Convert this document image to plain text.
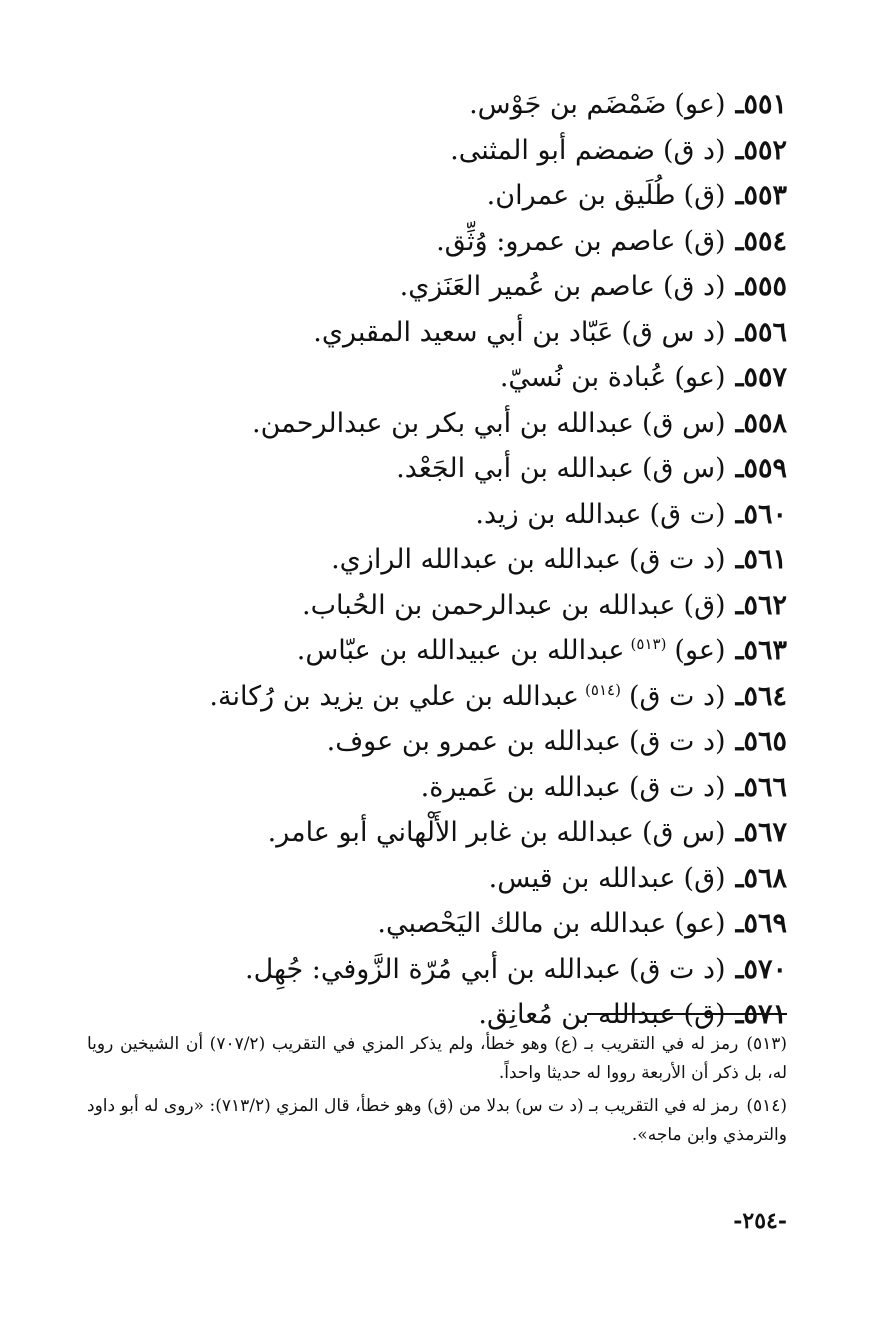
٥٥١ـ(عو)ضَمْضَم بن جَوْس.
٥٥٢ـ(د ق)ضمضم أبو المثنى.
٥٥٣ـ(ق)طُلَيق بن عمران.
٥٥٤ـ(ق)عاصم بن عمرو: وُثِّق.
٥٥٥ـ(د ق)عاصم بن عُمير العَنَزي.
٥٥٦ـ(د س ق)عَبّاد بن أبي سعيد المقبري.
٥٥٧ـ(عو)عُبادة بن نُسيّ.
٥٥٨ـ(س ق)عبدالله بن أبي بكر بن عبدالرحمن.
٥٥٩ـ(س ق)عبدالله بن أبي الجَعْد.
٥٦٠ـ(ت ق)عبدالله بن زيد.
٥٦١ـ(د ت ق)عبدالله بن عبدالله الرازي.
٥٦٢ـ(ق)عبدالله بن عبدالرحمن بن الحُباب.
٥٦٣ـ(عو)$^{(٥١٣)}$عبدالله بن عبيدالله بن عبّاس.
٥٦٤ـ(د ت ق)$^{(٥١٤)}$عبدالله بن علي بن يزيد بن رُكانة.
٥٦٥ـ(د ت ق)عبدالله بن عمرو بن عوف.
٥٦٦ـ(د ت ق)عبدالله بن عَميرة.
٥٦٧ـ(س ق)عبدالله بن غابر الأَلْهاني أبو عامر.
٥٦٨ـ(ق)عبدالله بن قيس.
٥٦٩ـ(عو)عبدالله بن مالك اليَحْصبي.
٥٧٠ـ(د ت ق)عبدالله بن أبي مُرّة الزَّوفي: جُهِل.
٥٧١ـ(ق)عبدالله بن مُعانِق.
(٥١٣)رمز له في التقريب بـ (ع) وهو خطأ، ولم يذكر المزي في التقريب (٧٠٧/٢) أن الشيخين رويا له، بل ذكر أن الأربعة رووا له حديثا واحداً.
(٥١٤)رمز له في التقريب بـ (د ت س) بدلا من (ق) وهو خطأ، قال المزي (٧١٣/٢): «روى له أبو داود والترمذي وابن ماجه».
-٢٥٤-
